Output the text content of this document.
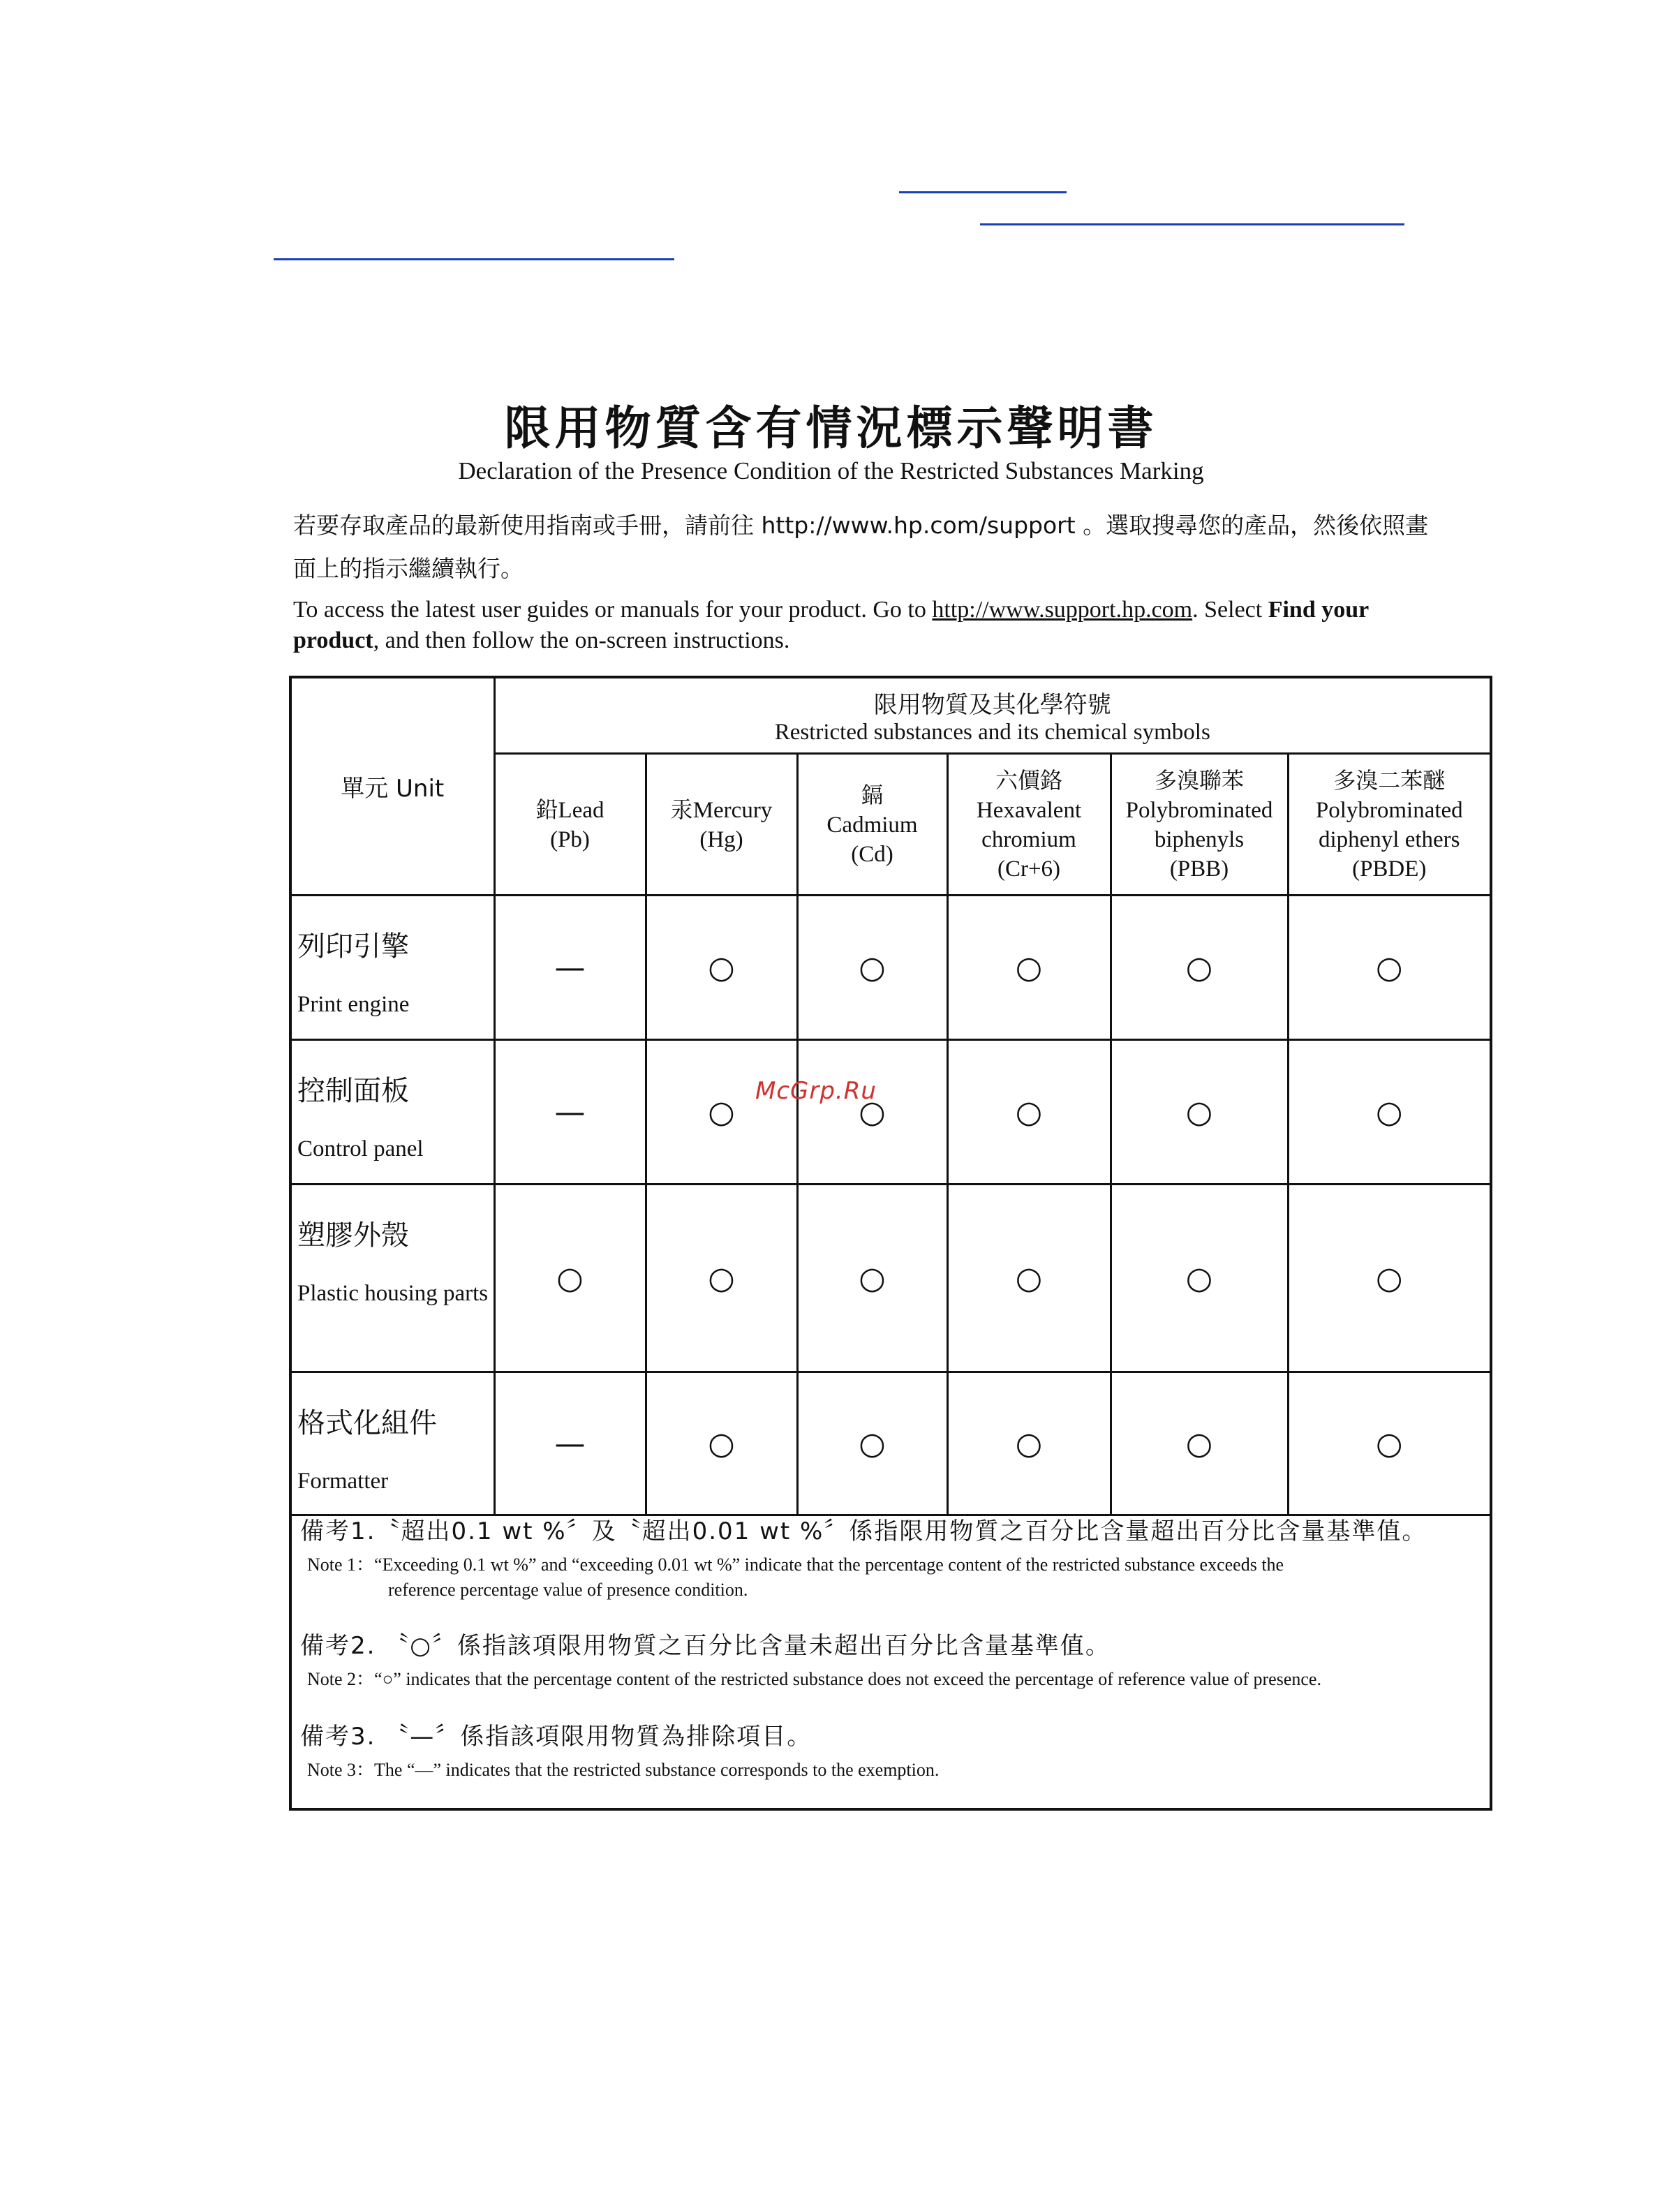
限用物質含有情況標示聲明書
Declaration of the Presence Condition of the Restricted Substances Marking
若要存取產品的最新使用指南或手冊，請前往 http://www.hp.com/support 。選取搜尋您的產品，然後依照畫
面上的指示繼續執行。
To access the latest user guides or manuals for your product. Go to http://www.support.hp.com. Select Find your
product, and then follow the on-screen instructions.
單元 Unit	限用物質及其化學符號
Restricted substances and its chemical symbols					

	鉛Lead
(Pb)	汞Mercury
(Hg)	鎘
Cadmium
(Cd)	六價鉻
Hexavalent chromium
(Cr+6)	多溴聯苯
Polybrominated biphenyls
(PBB)	多溴二苯醚
Polybrominated diphenyl ethers
(PBDE)

列印引擎
Print engine	—	○	○	○	○	○

控制面板
Control panel	—	○	○	○	○	○

塑膠外殼
Plastic housing parts	○	○	○	○	○	○

格式化組件
Formatter	—	○	○	○	○	○
備考1.〝超出0.1 wt %〞及〝超出0.01 wt %〞係指限用物質之百分比含量超出百分比含量基準值。
Note 1：“Exceeding 0.1 wt %” and “exceeding 0.01 wt %” indicate that the percentage content of the restricted substance exceeds the
reference percentage value of presence condition.
備考2. 〝○〞係指該項限用物質之百分比含量未超出百分比含量基準值。
Note 2：“○” indicates that the percentage content of the restricted substance does not exceed the percentage of reference value of presence.
備考3. 〝—〞係指該項限用物質為排除項目。
Note 3：The “—” indicates that the restricted substance corresponds to the exemption.
McGrp.Ru
